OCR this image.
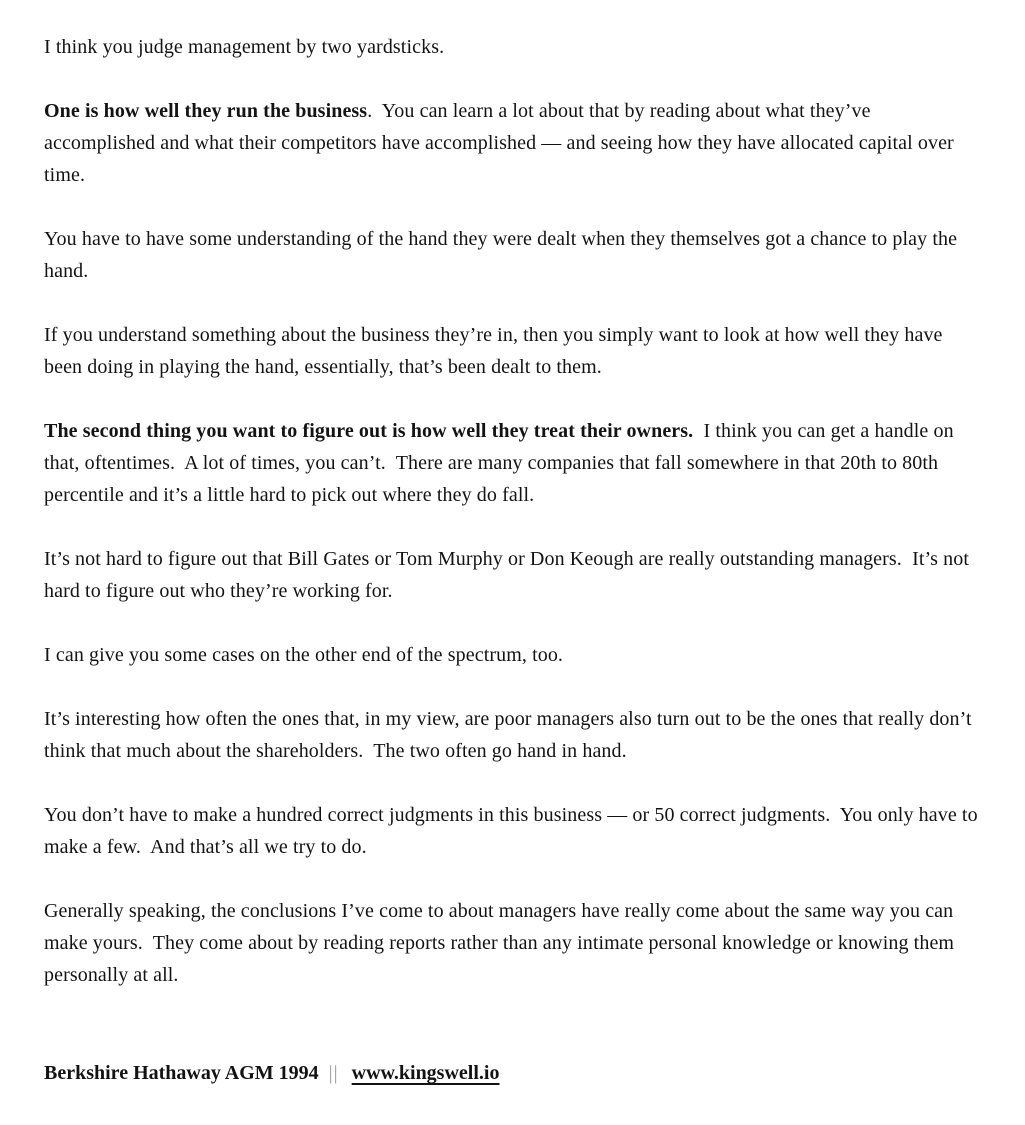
I think you judge management by two yardsticks.

One is how well they run the business.  You can learn a lot about that by reading about what they’ve accomplished and what their competitors have accomplished — and seeing how they have allocated capital over time.

You have to have some understanding of the hand they were dealt when they themselves got a chance to play the hand.

If you understand something about the business they’re in, then you simply want to look at how well they have been doing in playing the hand, essentially, that’s been dealt to them.

The second thing you want to figure out is how well they treat their owners.  I think you can get a handle on that, oftentimes.  A lot of times, you can’t.  There are many companies that fall somewhere in that 20th to 80th percentile and it’s a little hard to pick out where they do fall.

It’s not hard to figure out that Bill Gates or Tom Murphy or Don Keough are really outstanding managers.  It’s not hard to figure out who they’re working for.

I can give you some cases on the other end of the spectrum, too.

It’s interesting how often the ones that, in my view, are poor managers also turn out to be the ones that really don’t think that much about the shareholders.  The two often go hand in hand.

You don’t have to make a hundred correct judgments in this business — or 50 correct judgments.  You only have to make a few.  And that’s all we try to do.

Generally speaking, the conclusions I’ve come to about managers have really come about the same way you can make yours.  They come about by reading reports rather than any intimate personal knowledge or knowing them personally at all.

Berkshire Hathaway AGM 1994 || www.kingswell.io
